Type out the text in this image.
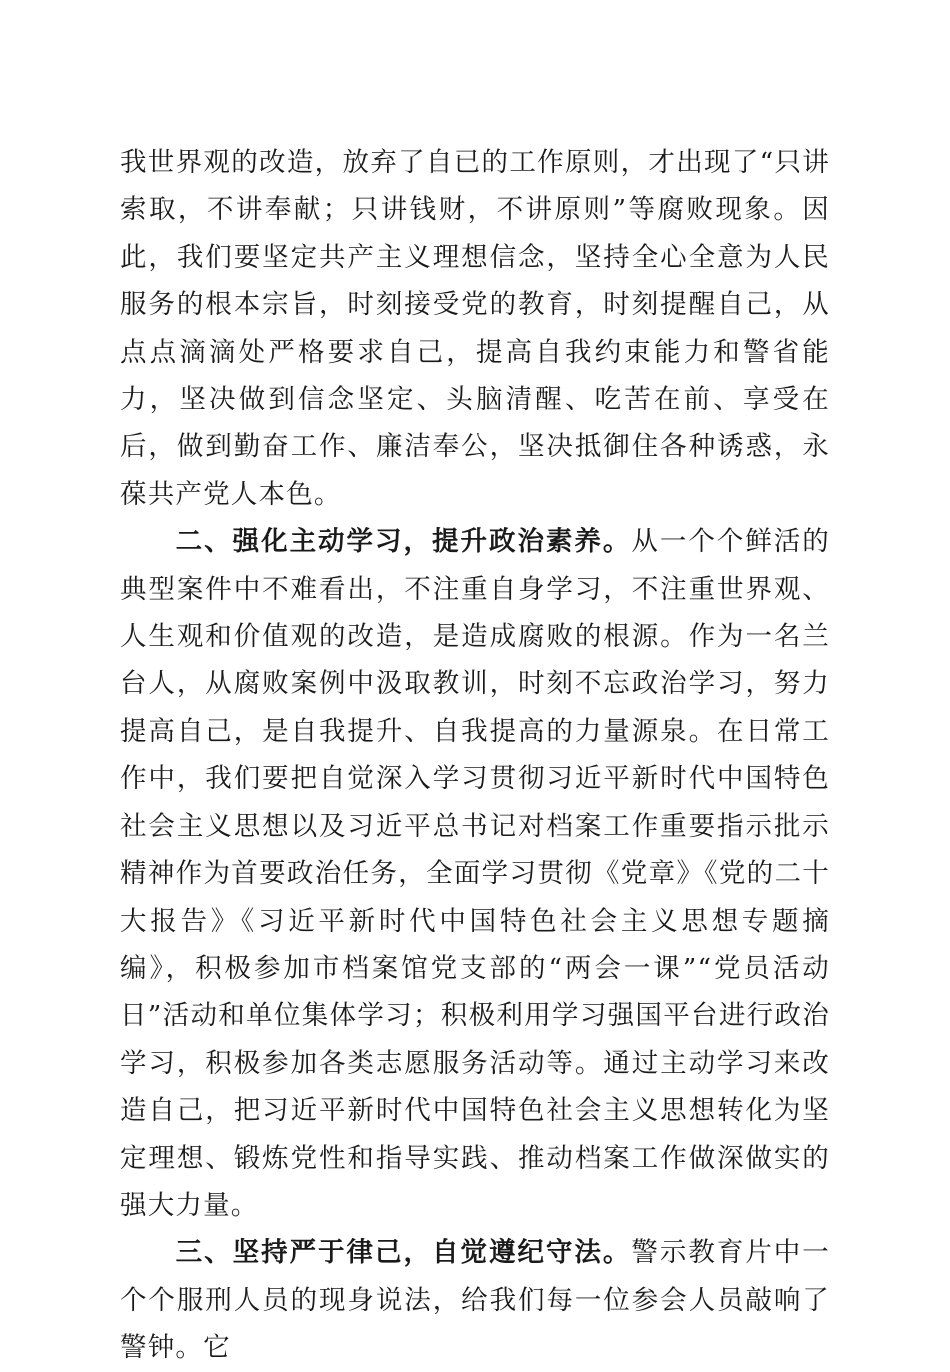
我世界观的改造，放弃了自已的工作原则，才出现了“只讲索取，不讲奉献；只讲钱财，不讲原则”等腐败现象。因此，我们要坚定共产主义理想信念，坚持全心全意为人民服务的根本宗旨，时刻接受党的教育，时刻提醒自己，从点点滴滴处严格要求自己，提高自我约束能力和警省能力，坚决做到信念坚定、头脑清醒、吃苦在前、享受在后，做到勤奋工作、廉洁奉公，坚决抵御住各种诱惑，永葆共产党人本色。

二、强化主动学习，提升政治素养。从一个个鲜活的典型案件中不难看出，不注重自身学习，不注重世界观、人生观和价值观的改造，是造成腐败的根源。作为一名兰台人，从腐败案例中汲取教训，时刻不忘政治学习，努力提高自己，是自我提升、自我提高的力量源泉。在日常工作中，我们要把自觉深入学习贯彻习近平新时代中国特色社会主义思想以及习近平总书记对档案工作重要指示批示精神作为首要政治任务，全面学习贯彻《党章》《党的二十大报告》《习近平新时代中国特色社会主义思想专题摘编》，积极参加市档案馆党支部的“两会一课”“党员活动日”活动和单位集体学习；积极利用学习强国平台进行政治学习，积极参加各类志愿服务活动等。通过主动学习来改造自己，把习近平新时代中国特色社会主义思想转化为坚定理想、锻炼党性和指导实践、推动档案工作做深做实的强大力量。

三、坚持严于律己，自觉遵纪守法。警示教育片中一个个服刑人员的现身说法，给我们每一位参会人员敲响了警钟。它
